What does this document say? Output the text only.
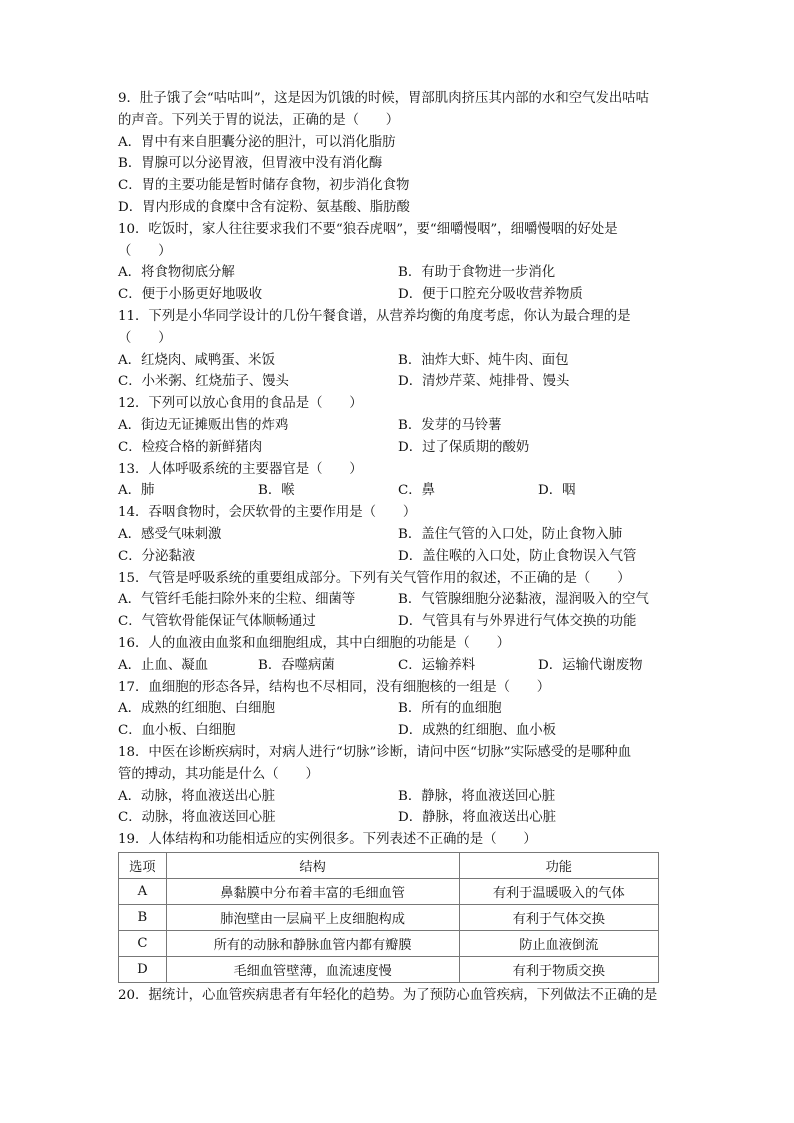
9．肚子饿了会“咕咕叫”，这是因为饥饿的时候，胃部肌肉挤压其内部的水和空气发出咕咕
的声音。下列关于胃的说法，正确的是（　　）
A．胃中有来自胆囊分泌的胆汁，可以消化脂肪
B．胃腺可以分泌胃液，但胃液中没有消化酶
C．胃的主要功能是暂时储存食物，初步消化食物
D．胃内形成的食糜中含有淀粉、氨基酸、脂肪酸
10．吃饭时，家人往往要求我们不要“狼吞虎咽”，要“细嚼慢咽”，细嚼慢咽的好处是
（　　）
A．将食物彻底分解	B．有助于食物进一步消化
C．便于小肠更好地吸收	D．便于口腔充分吸收营养物质
11．下列是小华同学设计的几份午餐食谱，从营养均衡的角度考虑，你认为最合理的是
（　　）
A．红烧肉、咸鸭蛋、米饭	B．油炸大虾、炖牛肉、面包
C．小米粥、红烧茄子、馒头	D．清炒芹菜、炖排骨、馒头
12．下列可以放心食用的食品是（　　）
A．街边无证摊贩出售的炸鸡	B．发芽的马铃薯
C．检疫合格的新鲜猪肉	D．过了保质期的酸奶
13．人体呼吸系统的主要器官是（　　）
A．肺	B．喉	C．鼻	D．咽
14．吞咽食物时，会厌软骨的主要作用是（　　）
A．感受气味刺激	B．盖住气管的入口处，防止食物入肺
C．分泌黏液	D．盖住喉的入口处，防止食物误入气管
15．气管是呼吸系统的重要组成部分。下列有关气管作用的叙述，不正确的是（　　）
A．气管纤毛能扫除外来的尘粒、细菌等	B．气管腺细胞分泌黏液，湿润吸入的空气
C．气管软骨能保证气体顺畅通过	D．气管具有与外界进行气体交换的功能
16．人的血液由血浆和血细胞组成，其中白细胞的功能是（　　）
A．止血、凝血	B．吞噬病菌	C．运输养料	D．运输代谢废物
17．血细胞的形态各异，结构也不尽相同，没有细胞核的一组是（　　）
A．成熟的红细胞、白细胞	B．所有的血细胞
C．血小板、白细胞	D．成熟的红细胞、血小板
18．中医在诊断疾病时，对病人进行“切脉”诊断，请问中医“切脉”实际感受的是哪种血
管的搏动，其功能是什么（　　）
A．动脉，将血液送出心脏	B．静脉，将血液送回心脏
C．动脉，将血液送回心脏	D．静脉，将血液送出心脏
19．人体结构和功能相适应的实例很多。下列表述不正确的是（　　）
选项	结构	功能
A	鼻黏膜中分布着丰富的毛细血管	有利于温暖吸入的气体
B	肺泡壁由一层扁平上皮细胞构成	有利于气体交换
C	所有的动脉和静脉血管内都有瓣膜	防止血液倒流
D	毛细血管壁薄，血流速度慢	有利于物质交换
20．据统计，心血管疾病患者有年轻化的趋势。为了预防心血管疾病，下列做法不正确的是
